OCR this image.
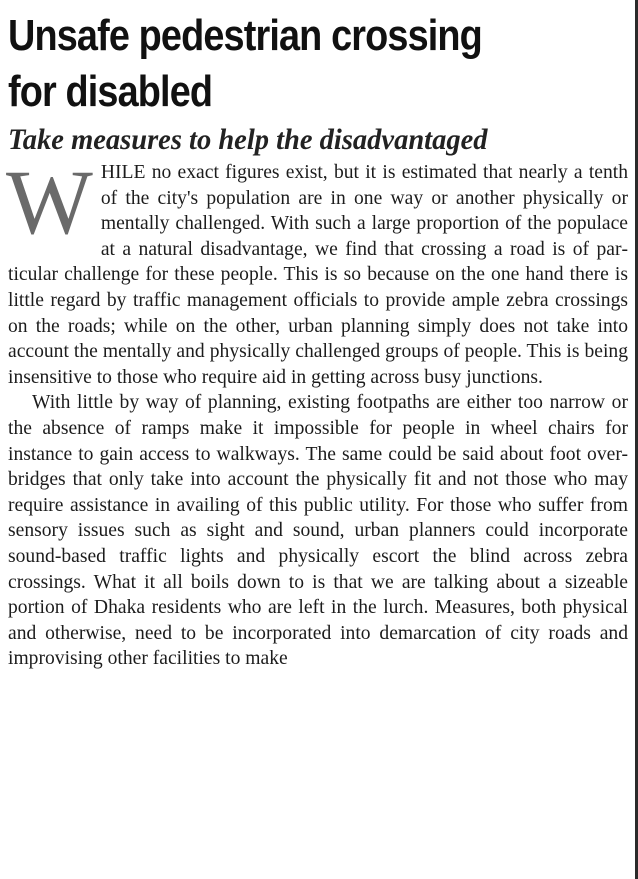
Unsafe pedestrian crossing
for disabled
Take measures to help the disadvantaged

WHILE no exact figures exist, but it is estimated that nearly a tenth of the city's population are in one way or another physically or mentally challenged. With such a large proportion of the populace at a natural disadvantage, we find that crossing a road is of particular challenge for these people. This is so because on the one hand there is little regard by traffic management officials to provide ample zebra crossings on the roads; while on the other, urban planning simply does not take into account the mentally and physically challenged groups of people. This is being insensitive to those who require aid in getting across busy junctions.

With little by way of planning, existing footpaths are either too narrow or the absence of ramps make it impossible for people in wheel chairs for instance to gain access to walkways. The same could be said about foot over-bridges that only take into account the physically fit and not those who may require assistance in availing of this public utility. For those who suffer from sensory issues such as sight and sound, urban planners could incorporate sound-based traffic lights and physically escort the blind across zebra crossings. What it all boils down to is that we are talking about a sizeable portion of Dhaka residents who are left in the lurch. Measures, both physical and otherwise, need to be incorporated into demarcation of city roads and improvising other facilities to make
